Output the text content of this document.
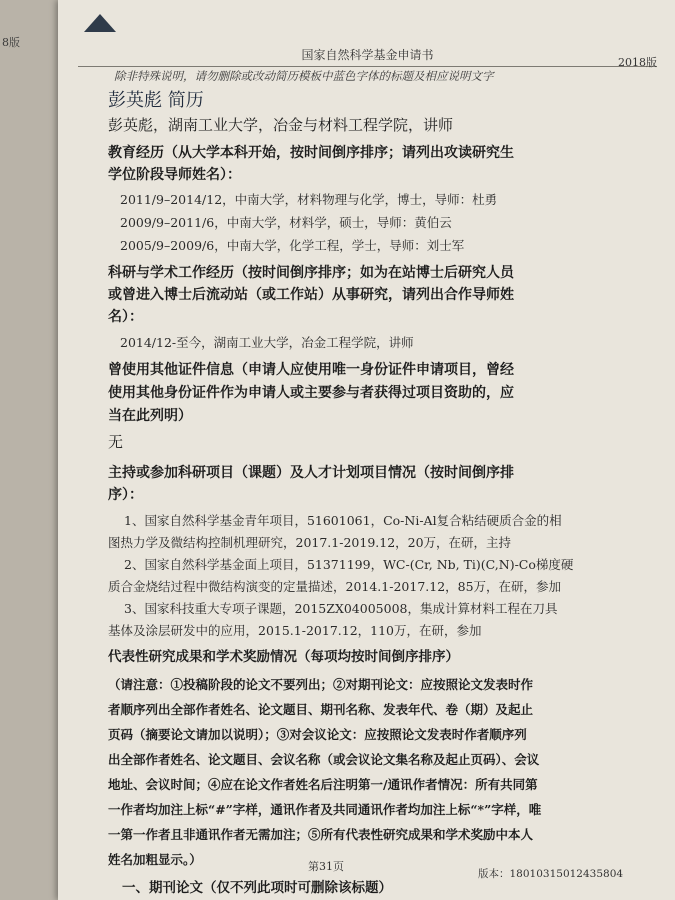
8版
国家自然科学基金申请书
2018版
除非特殊说明，请勿删除或改动简历模板中蓝色字体的标题及相应说明文字
彭英彪 简历
彭英彪，湖南工业大学，冶金与材料工程学院，讲师
教育经历（从大学本科开始，按时间倒序排序；请列出攻读研究生
学位阶段导师姓名）：
2011/9–2014/12，中南大学，材料物理与化学，博士，导师：杜勇
2009/9–2011/6，中南大学，材料学，硕士，导师：黄伯云
2005/9–2009/6，中南大学，化学工程，学士，导师：刘士军
科研与学术工作经历（按时间倒序排序；如为在站博士后研究人员
或曾进入博士后流动站（或工作站）从事研究，请列出合作导师姓
名）：
2014/12-至今，湖南工业大学，冶金工程学院，讲师
曾使用其他证件信息（申请人应使用唯一身份证件申请项目，曾经
使用其他身份证件作为申请人或主要参与者获得过项目资助的，应
当在此列明）
无
主持或参加科研项目（课题）及人才计划项目情况（按时间倒序排
序）：
1、国家自然科学基金青年项目，51601061，Co-Ni-Al复合粘结硬质合金的相
图热力学及微结构控制机理研究，2017.1-2019.12，20万，在研，主持
2、国家自然科学基金面上项目，51371199，WC-(Cr, Nb, Ti)(C,N)-Co梯度硬
质合金烧结过程中微结构演变的定量描述，2014.1-2017.12，85万，在研，参加
3、国家科技重大专项子课题，2015ZX04005008，集成计算材料工程在刀具
基体及涂层研发中的应用，2015.1-2017.12，110万，在研，参加
代表性研究成果和学术奖励情况（每项均按时间倒序排序）
（请注意：①投稿阶段的论文不要列出；②对期刊论文：应按照论文发表时作
者顺序列出全部作者姓名、论文题目、期刊名称、发表年代、卷（期）及起止
页码（摘要论文请加以说明）；③对会议论文：应按照论文发表时作者顺序列
出全部作者姓名、论文题目、会议名称（或会议论文集名称及起止页码）、会议
地址、会议时间；④应在论文作者姓名后注明第一/通讯作者情况：所有共同第
一作者均加注上标“#”字样，通讯作者及共同通讯作者均加注上标“*”字样，唯
一第一作者且非通讯作者无需加注；⑤所有代表性研究成果和学术奖励中本人
姓名加粗显示。）
一、期刊论文（仅不列此项时可删除该标题）
第31页
版本：18010315012435804
